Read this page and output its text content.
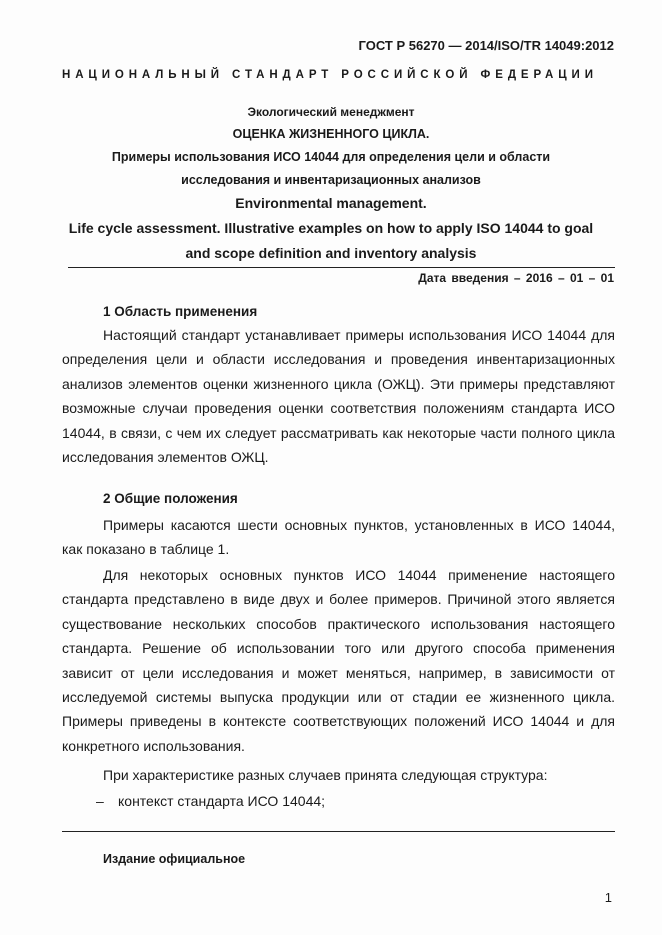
ГОСТ Р 56270 — 2014/ISO/TR 14049:2012
НАЦИОНАЛЬНЫЙ СТАНДАРТ РОССИЙСКОЙ ФЕДЕРАЦИИ
Экологический менеджмент
ОЦЕНКА ЖИЗНЕННОГО ЦИКЛА.
Примеры использования ИСО 14044 для определения цели и области
исследования и инвентаризационных анализов
Environmental management.
Life cycle assessment. Illustrative examples on how to apply ISO 14044 to goal
and scope definition and inventory analysis
Дата введения – 2016 – 01 – 01
1 Область применения

Настоящий стандарт устанавливает примеры использования ИСО 14044 для определения цели и области исследования и проведения инвентаризационных анализов элементов оценки жизненного цикла (ОЖЦ). Эти примеры представляют возможные случаи проведения оценки соответствия положениям стандарта ИСО 14044, в связи, с чем их следует рассматривать как некоторые части полного цикла исследования элементов ОЖЦ.

2 Общие положения

Примеры касаются шести основных пунктов, установленных в ИСО 14044, как показано в таблице 1.

Для некоторых основных пунктов ИСО 14044 применение настоящего стандарта представлено в виде двух и более примеров. Причиной этого является существование нескольких способов практического использования настоящего стандарта. Решение об использовании того или другого способа применения зависит от цели исследования и может меняться, например, в зависимости от исследуемой системы выпуска продукции или от стадии ее жизненного цикла. Примеры приведены в контексте соответствующих положений ИСО 14044 и для конкретного использования.

При характеристике разных случаев принята следующая структура:

– контекст стандарта ИСО 14044;
Издание официальное
1
